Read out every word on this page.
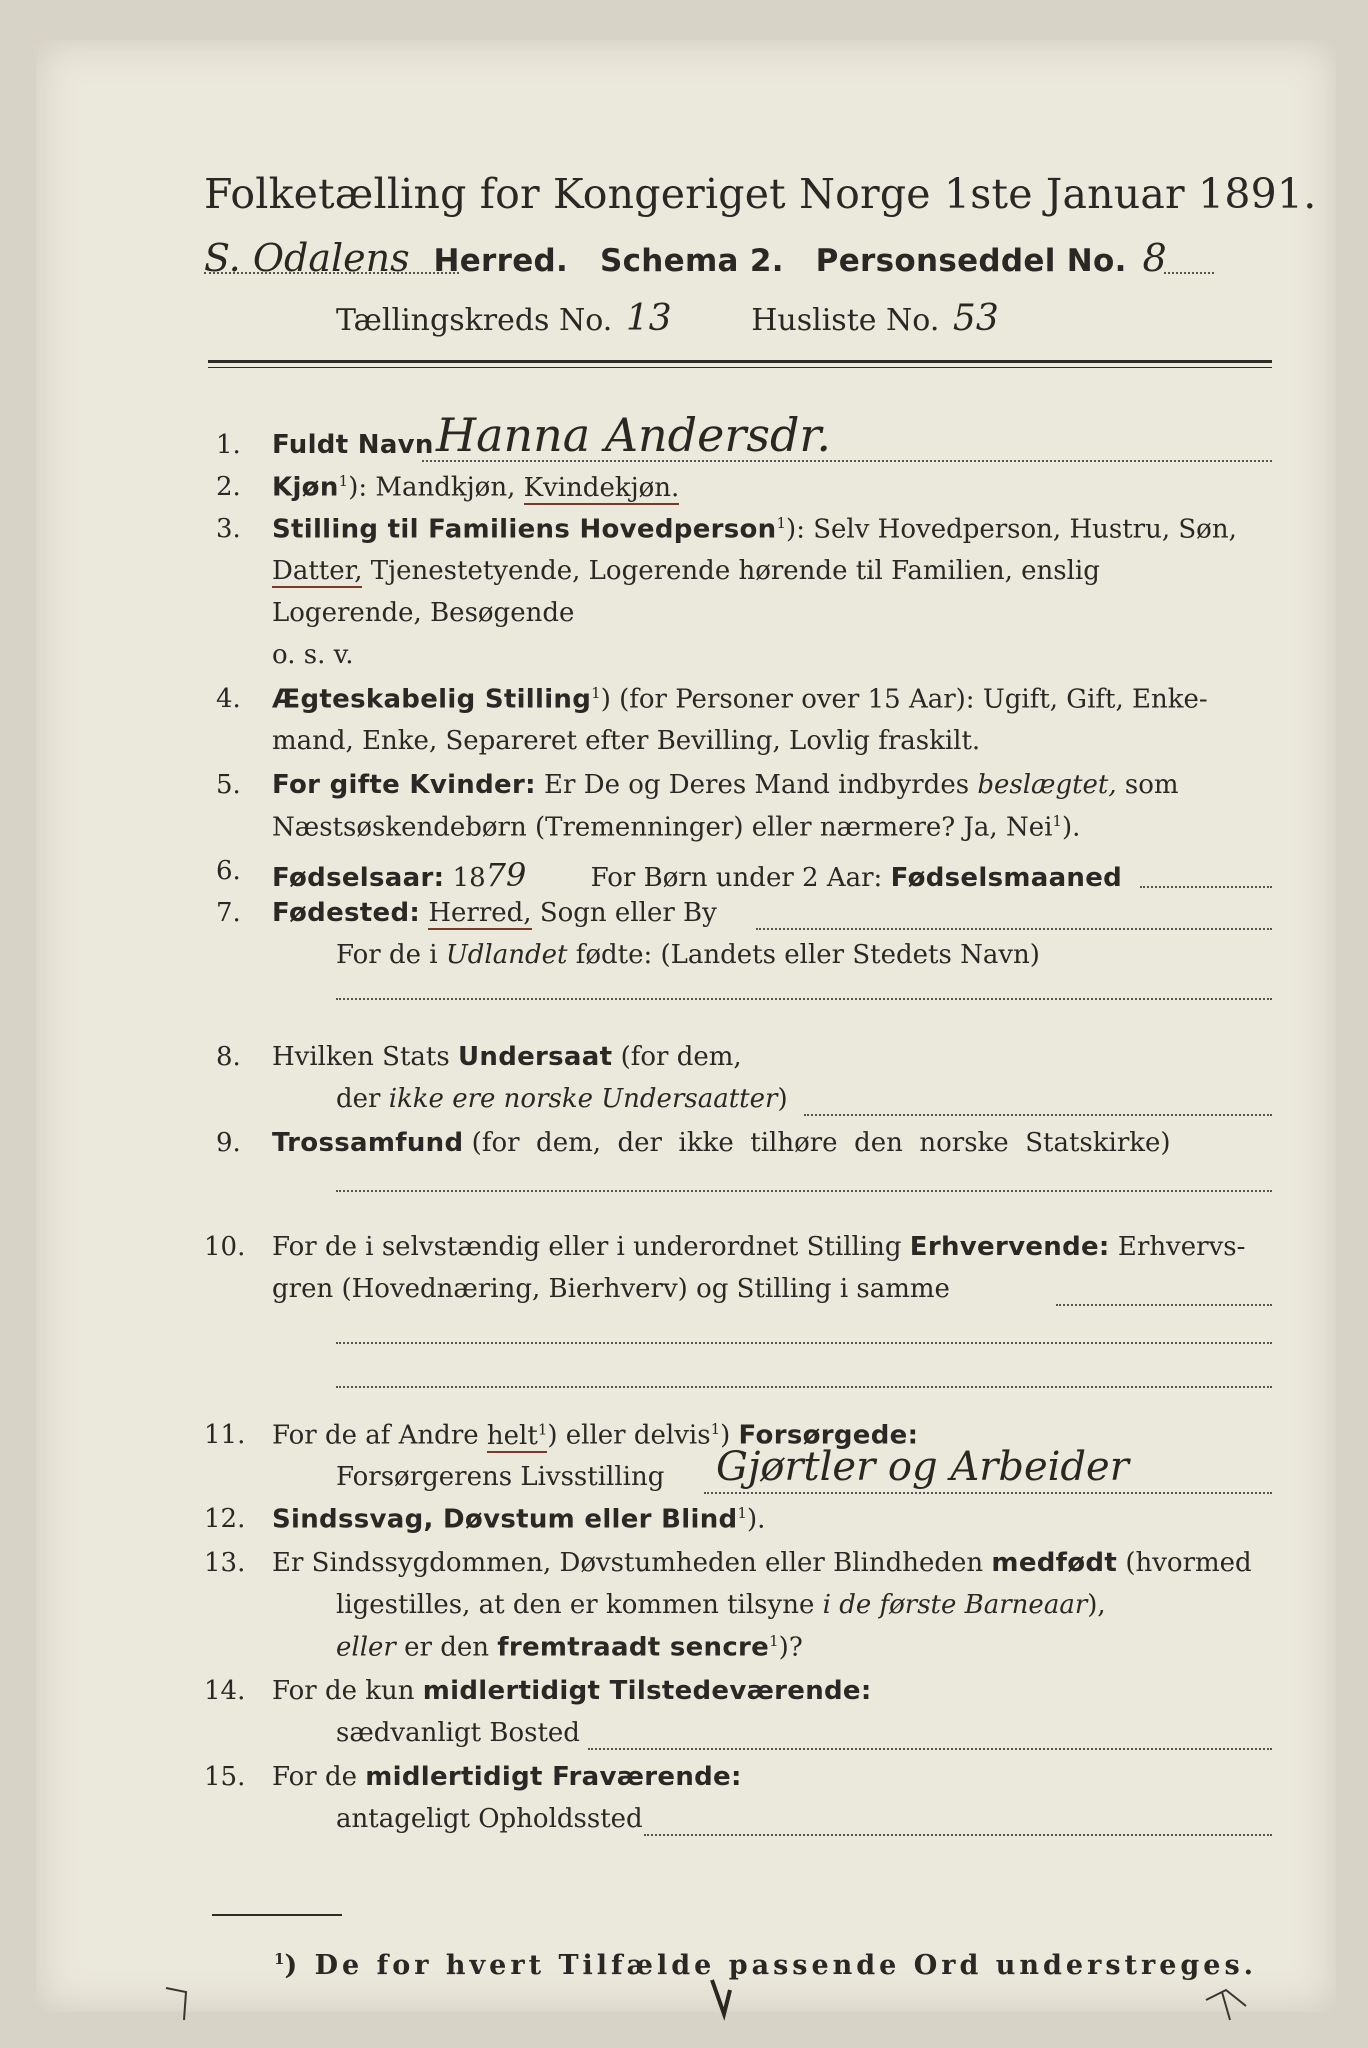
Folketælling for Kongeriget Norge 1ste Januar 1891.
S. Odalens Herred. Schema 2. Personseddel No. 8
Tællingskreds No. 13	Husliste No. 53
1. Fuldt Navn Hanna Andersdr.
2. Kjøn$^1$): Mandkjøn, Kvindekjøn.
3. Stilling til Familiens Hovedperson$^1$): Selv Hovedperson, Hustru, Søn,
Datter, Tjenestetyende, Logerende hørende til Familien, enslig
Logerende, Besøgende
o. s. v.
4. Ægteskabelig Stilling$^1$) (for Personer over 15 Aar): Ugift, Gift, Enke-
mand, Enke, Separeret efter Bevilling, Lovlig fraskilt.
5. For gifte Kvinder: Er De og Deres Mand indbyrdes beslægtet, som
Næstsøskendebørn (Tremenninger) eller nærmere? Ja, Nei$^1$).
6. Fødselsaar: 1879 For Børn under 2 Aar: Fødselsmaaned
7. Fødested: Herred, Sogn eller By
For de i Udlandet fødte: (Landets eller Stedets Navn)
8. Hvilken Stats Undersaat (for dem,
der ikke ere norske Undersaatter)
9. Trossamfund (for  dem,  der  ikke  tilhøre  den  norske  Statskirke)
10. For de i selvstændig eller i underordnet Stilling Erhvervende: Erhvervs-
gren (Hovednæring, Bierhverv) og Stilling i samme
11. For de af Andre helt$^1$) eller delvis$^1$) Forsørgede:
Forsørgerens Livsstilling Gjørtler og Arbeider
12. Sindssvag, Døvstum eller Blind$^1$).
13. Er Sindssygdommen, Døvstumheden eller Blindheden medfødt (hvormed
ligestilles, at den er kommen tilsyne i de første Barneaar),
eller er den fremtraadt sencre$^1$)?
14. For de kun midlertidigt Tilstedeværende:
sædvanligt Bosted
15. For de midlertidigt Fraværende:
antageligt Opholdssted
$^1$) De for hvert Tilfælde passende Ord understreges.
